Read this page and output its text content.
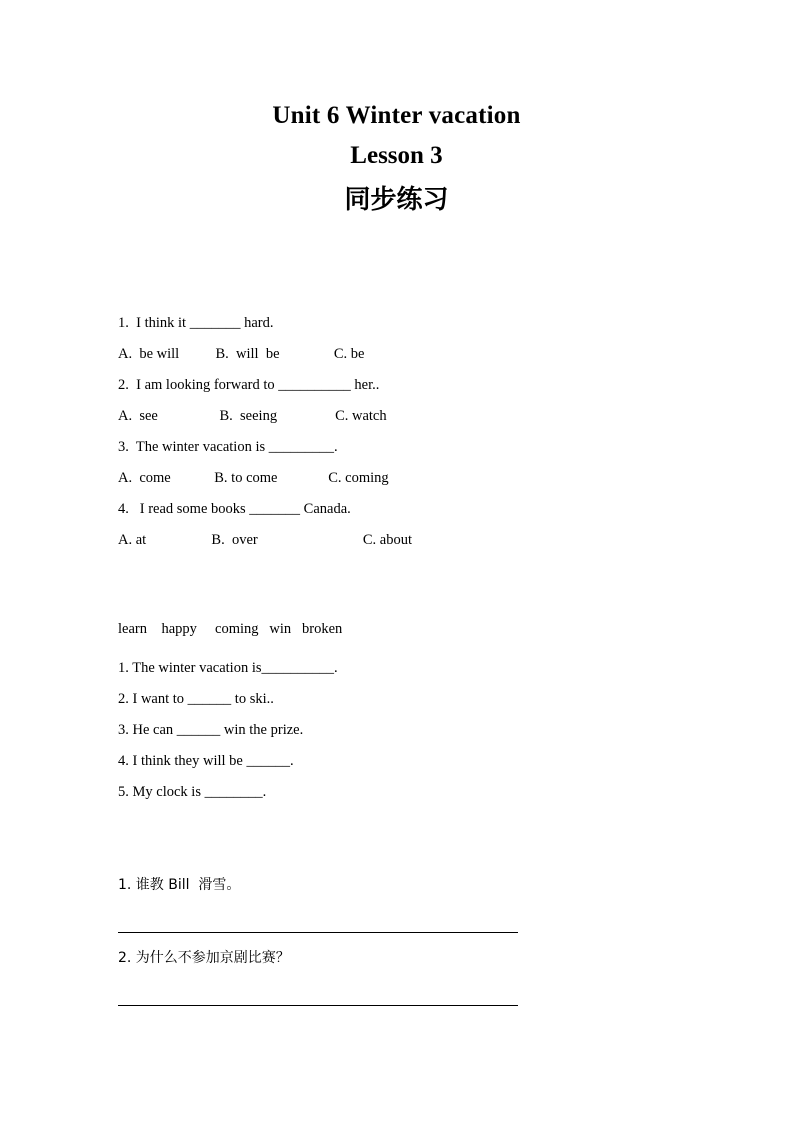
Unit 6 Winter vacation
Lesson 3
同步练习
1.  I think it _______ hard.
A.  be will          B.  will  be               C. be
2.  I am looking forward to __________ her..
A.  see                 B.  seeing                C. watch
3.  The winter vacation is _________.
A.  come            B. to come              C. coming
4.   I read some books _______ Canada.
A. at                  B.  over                             C. about
learn    happy     coming   win   broken
1. The winter vacation is__________.
2. I want to ______ to ski..
3. He can ______ win the prize.
4. I think they will be ______.
5. My clock is ________.
1. 谁教 Bill  滑雪。
2. 为什么不参加京剧比赛？
